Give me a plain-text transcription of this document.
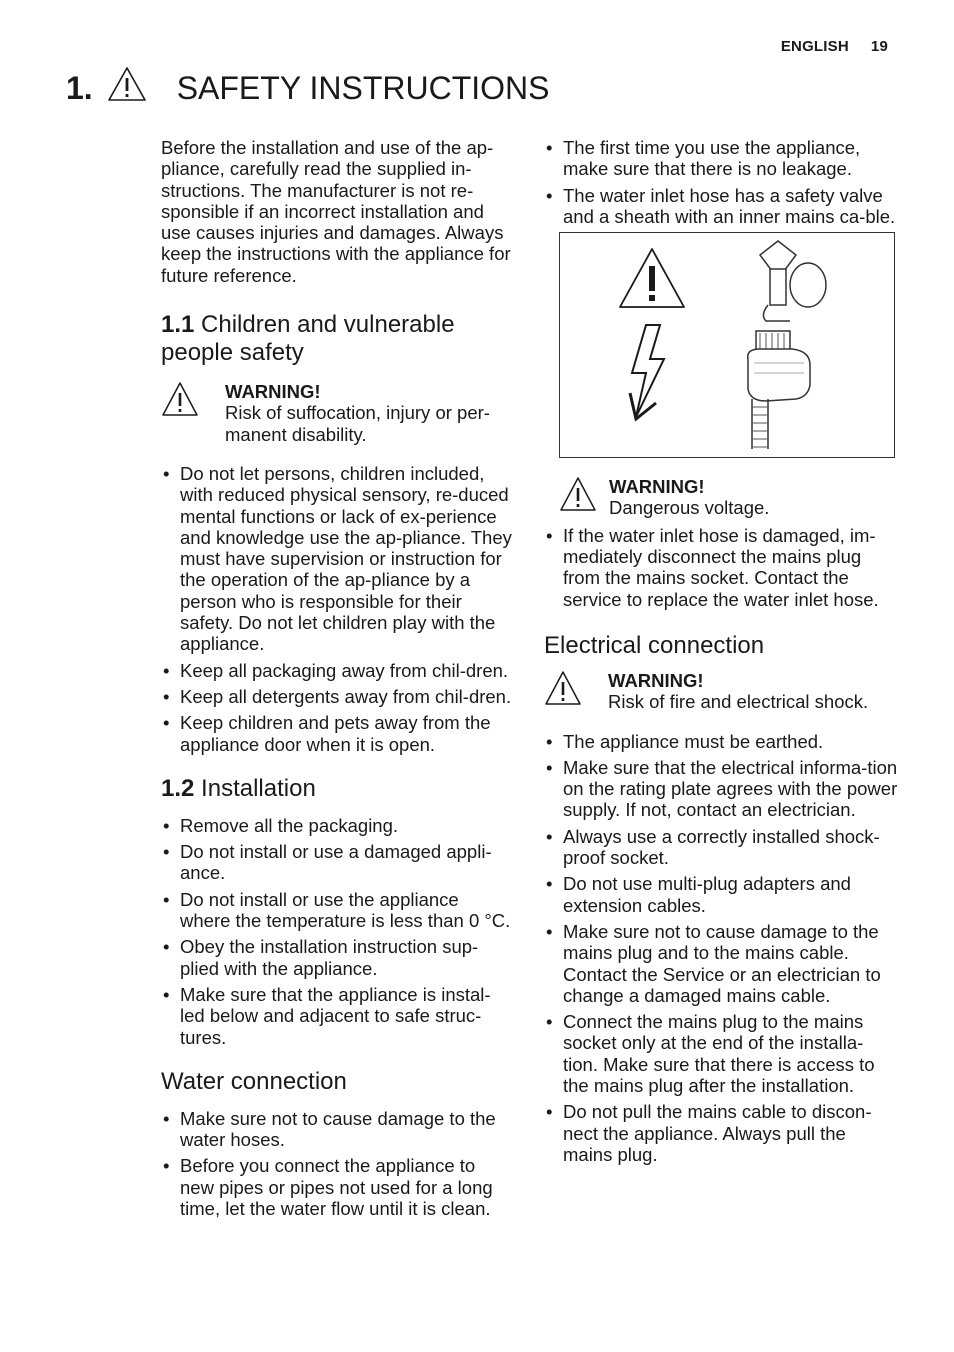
ENGLISH 19
1.	SAFETY INSTRUCTIONS

Before the installation and use of the ap-pliance, carefully read the supplied in-structions. The manufacturer is not re-sponsible if an incorrect installation and use causes injuries and damages. Always keep the instructions with the appliance for future reference.

1.1 Children and vulnerable people safety
WARNING!
Risk of suffocation, injury or per-manent disability.
• Do not let persons, children included, with reduced physical sensory, re-duced mental functions or lack of ex-perience and knowledge use the ap-pliance. They must have supervision or instruction for the operation of the ap-pliance by a person who is responsible for their safety. Do not let children play with the appliance.
• Keep all packaging away from chil-dren.
• Keep all detergents away from chil-dren.
• Keep children and pets away from the appliance door when it is open.
1.2 Installation
• Remove all the packaging.
• Do not install or use a damaged appli-ance.
• Do not install or use the appliance where the temperature is less than 0 °C.
• Obey the installation instruction sup-plied with the appliance.
• Make sure that the appliance is instal-led below and adjacent to safe struc-tures.
Water connection
• Make sure not to cause damage to the water hoses.
• Before you connect the appliance to new pipes or pipes not used for a long time, let the water flow until it is clean.
• The first time you use the appliance, make sure that there is no leakage.
• The water inlet hose has a safety valve and a sheath with an inner mains ca-ble.
WARNING!
Dangerous voltage.
• If the water inlet hose is damaged, im-mediately disconnect the mains plug from the mains socket. Contact the service to replace the water inlet hose.
Electrical connection
WARNING!
Risk of fire and electrical shock.
• The appliance must be earthed.
• Make sure that the electrical informa-tion on the rating plate agrees with the power supply. If not, contact an electrician.
• Always use a correctly installed shock-proof socket.
• Do not use multi-plug adapters and extension cables.
• Make sure not to cause damage to the mains plug and to the mains cable. Contact the Service or an electrician to change a damaged mains cable.
• Connect the mains plug to the mains socket only at the end of the installa-tion. Make sure that there is access to the mains plug after the installation.
• Do not pull the mains cable to discon-nect the appliance. Always pull the mains plug.
